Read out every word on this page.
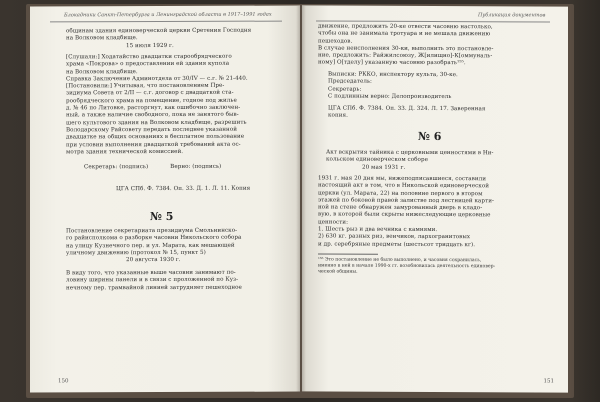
Блокадники Санкт-Петербурга и Ленинградской области в 1917–1991 годах
общинам здания единоверческой церкви Сретения Господня
на Волковом кладбище.
15 июля 1929 г.
[Слушали:] Ходатайство двадцатки старообрядческого
храма «Покрова» о предоставлении ей здания купола
на Волковом кладбище.
Справка Заключение Админотдела от 30/IV — с.г. № 21-440.
[Постановили:] Учитывая, что постановлением Пре-
зидиума Совета от 2/II — с.г. договор с двадцаткой ста-
рообрядческого храма на помещение, годное под жилье
д. № 46 по Литовке, расторгнут, как ошибочно заключен-
ный, а также наличие свободного, пока не занятого быв-
шего культового здания на Волковом кладбище, разрешить
Володарскому Райсовету передать последнее указанной
двадцатке на общих основаниях в бесплатное пользование
при условии выполнения двадцаткой требований акта ос-
мотра здания технической комиссией.
Секретарь: (подпись)            Верно: (подпись)
ЦГА СПб. Ф. 7384. Оп. 33. Д. 1. Л. 11. Копия
№ 5
Постановление секретариата президиума Смольнинско-
го райисполкома о разборке часовни Никольского собора
на улицу Кузнечного пер. и ул. Марата, как мешающей
уличному движению (протокол № 15, пункт 5)
20 августа 1930 г.
В виду того, что указанные выше часовни занимают по-
ловину ширины панели и в связи с проложенной по Куз-
нечному пер. трамвайной линией затрудняет пешеходное
150
Публикация документов
движение, предложить 20-ке отвести часовню настолько,
чтобы она не занимала тротуара и не мешала движению
пешеходов.
В случае неисполнения 30-ки, выполнить это постановле-
ние, предложить: Райжилсоюзу, Ж[илищно]-К[оммуналь-
ному] О[тделу] указанную часовню разобрать¹⁵⁵.
Выписки: РККО, инспектору культа, 30-ке.
Председатель:
Секретарь:
С подлинным верно: Делопроизводитель
ЦГА СПб. Ф. 7384. Оп. 33. Д. 324. Л. 17. Заверенная
копия.
№ 6
Акт вскрытия тайника с церковными ценностями в Ни-
кольском единоверческом соборе
20 мая 1931 г.
1931 г. мая 20 дня мы, нижеподписавшиеся, составили
настоящий акт в том, что в Никольской единоверческой
церкви (ул. Марата, 22) на половине первого в втором
этажей по боковой правой залистве под лестницей карти-
ной на стене обнаружен замурованный дверь в кладо-
вую, в которой были скрыты нижеследующие церковные
ценности:
1. Шесть рыз и два вечника с камнями.
2) 630 кг. разных риз, венчиков, лархогранитовых
и др. серебряные предметы (шестьсот тридцать кг).
¹⁵⁵ Это постановление не было выполнено, и часовня сохранилась,
именно в ней в начале 1990-х гг. возобновилась деятельность единовер-
ческой общины.
151
